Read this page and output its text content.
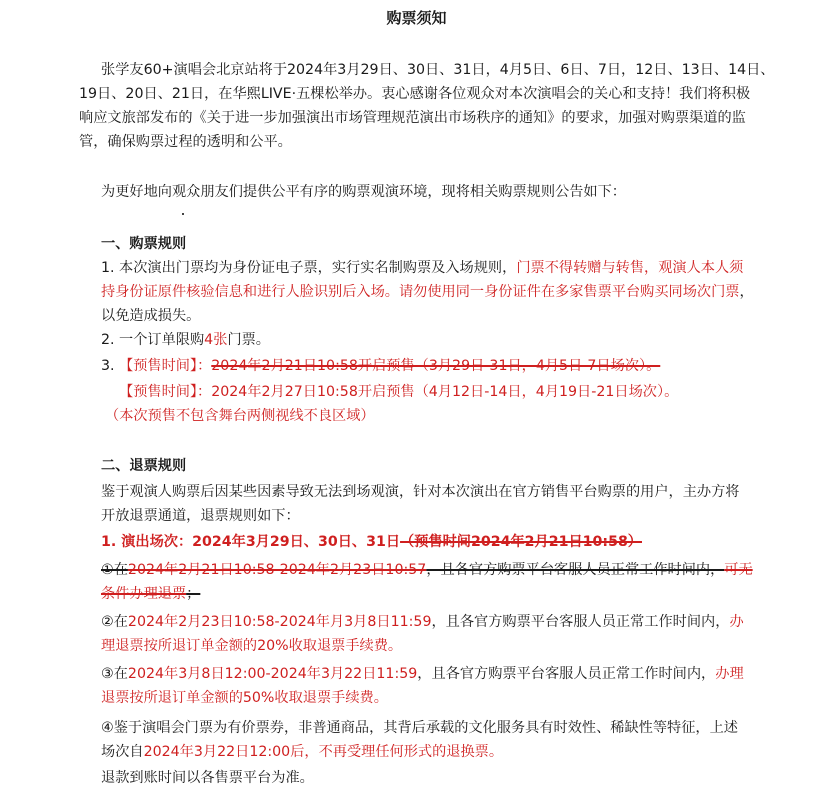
购票须知
张学友60+演唱会北京站将于2024年3月29日、30日、31日，4月5日、6日、7日，12日、13日、14日、
19日、20日、21日，在华熙LIVE·五棵松举办。衷心感谢各位观众对本次演唱会的关心和支持！我们将积极
响应文旅部发布的《关于进一步加强演出市场管理规范演出市场秩序的通知》的要求，加强对购票渠道的监
管，确保购票过程的透明和公平。
为更好地向观众朋友们提供公平有序的购票观演环境，现将相关购票规则公告如下：
一、购票规则
1. 本次演出门票均为身份证电子票，实行实名制购票及入场规则，门票不得转赠与转售，观演人本人须
持身份证原件核验信息和进行人脸识别后入场。请勿使用同一身份证件在多家售票平台购买同场次门票，
以免造成损失。
2. 一个订单限购4张门票。
3. 【预售时间】：2024年2月21日10:58开启预售（3月29日-31日，4月5日-7日场次）。
【预售时间】：2024年2月27日10:58开启预售（4月12日-14日，4月19日-21日场次）。
（本次预售不包含舞台两侧视线不良区域）
二、退票规则
鉴于观演人购票后因某些因素导致无法到场观演，针对本次演出在官方销售平台购票的用户，主办方将
开放退票通道，退票规则如下：
1. 演出场次：2024年3月29日、30日、31日（预售时间2024年2月21日10:58）
①在2024年2月21日10:58-2024年2月23日10:57，且各官方购票平台客服人员正常工作时间内，可无
条件办理退票；
②在2024年2月23日10:58-2024年月3月8日11:59，且各官方购票平台客服人员正常工作时间内，办
理退票按所退订单金额的20%收取退票手续费。
③在2024年3月8日12:00-2024年3月22日11:59，且各官方购票平台客服人员正常工作时间内，办理
退票按所退订单金额的50%收取退票手续费。
④鉴于演唱会门票为有价票券，非普通商品，其背后承载的文化服务具有时效性、稀缺性等特征，上述
场次自2024年3月22日12:00后，不再受理任何形式的退换票。
退款到账时间以各售票平台为准。
